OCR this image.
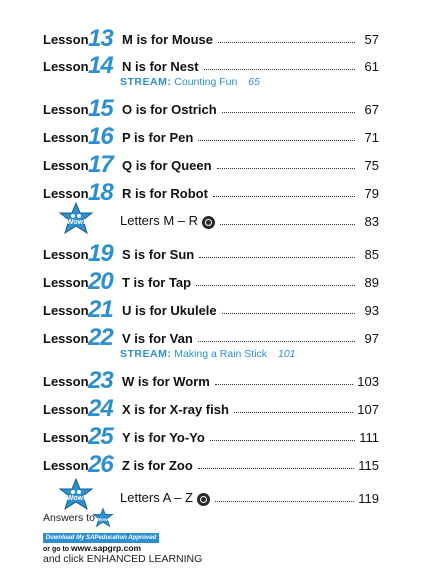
Lesson 13 M is for Mouse	57
Lesson 14 N is for Nest	61
STREAM: Counting Fun 65
Lesson 15 O is for Ostrich	67
Lesson 16 P is for Pen	71
Lesson 17 Q is for Queen	75
Lesson 18 R is for Robot	79
Wow!	Letters M – R	83
Lesson 19 S is for Sun	85
Lesson 20 T is for Tap	89
Lesson 21 U is for Ukulele	93
Lesson 22 V is for Van	97
STREAM: Making a Rain Stick 101
Lesson 23 W is for Worm	103
Lesson 24 X is for X-ray fish	107
Lesson 25 Y is for Yo-Yo	111
Lesson 26 Z is for Zoo	115
Wow!	Letters A – Z	119
Answers to Wow!
Download My SAPeducation Approved
or go to www.sapgrp.com
and click ENHANCED LEARNING
